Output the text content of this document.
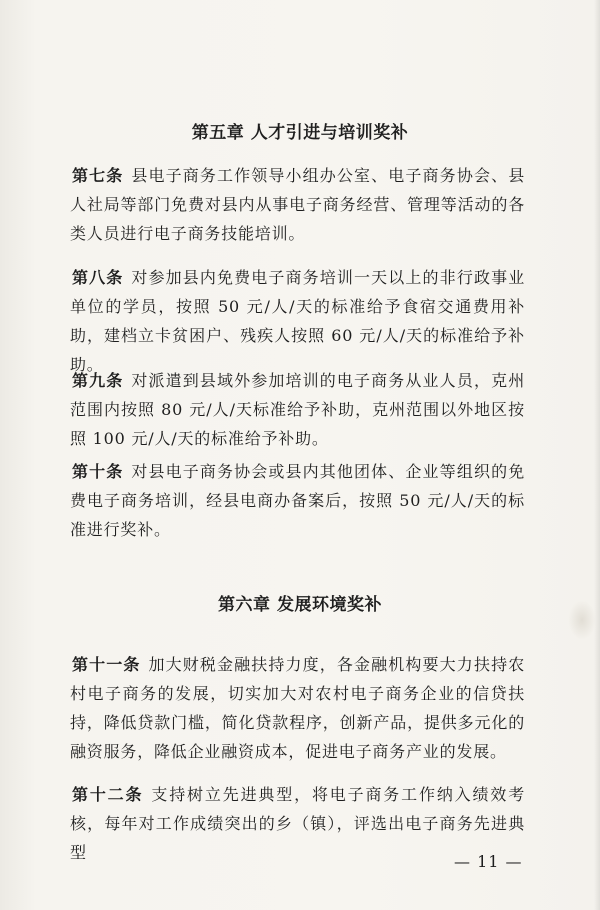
第五章 人才引进与培训奖补
第七条 县电子商务工作领导小组办公室、电子商务协会、县人社局等部门免费对县内从事电子商务经营、管理等活动的各类人员进行电子商务技能培训。
第八条 对参加县内免费电子商务培训一天以上的非行政事业单位的学员，按照 50 元/人/天的标准给予食宿交通费用补助，建档立卡贫困户、残疾人按照 60 元/人/天的标准给予补助。
第九条 对派遣到县域外参加培训的电子商务从业人员，克州范围内按照 80 元/人/天标准给予补助，克州范围以外地区按照 100 元/人/天的标准给予补助。
第十条 对县电子商务协会或县内其他团体、企业等组织的免费电子商务培训，经县电商办备案后，按照 50 元/人/天的标准进行奖补。
第六章 发展环境奖补
第十一条 加大财税金融扶持力度，各金融机构要大力扶持农村电子商务的发展，切实加大对农村电子商务企业的信贷扶持，降低贷款门槛，简化贷款程序，创新产品，提供多元化的融资服务，降低企业融资成本，促进电子商务产业的发展。
第十二条 支持树立先进典型，将电子商务工作纳入绩效考核，每年对工作成绩突出的乡（镇），评选出电子商务先进典型	— 11 —
